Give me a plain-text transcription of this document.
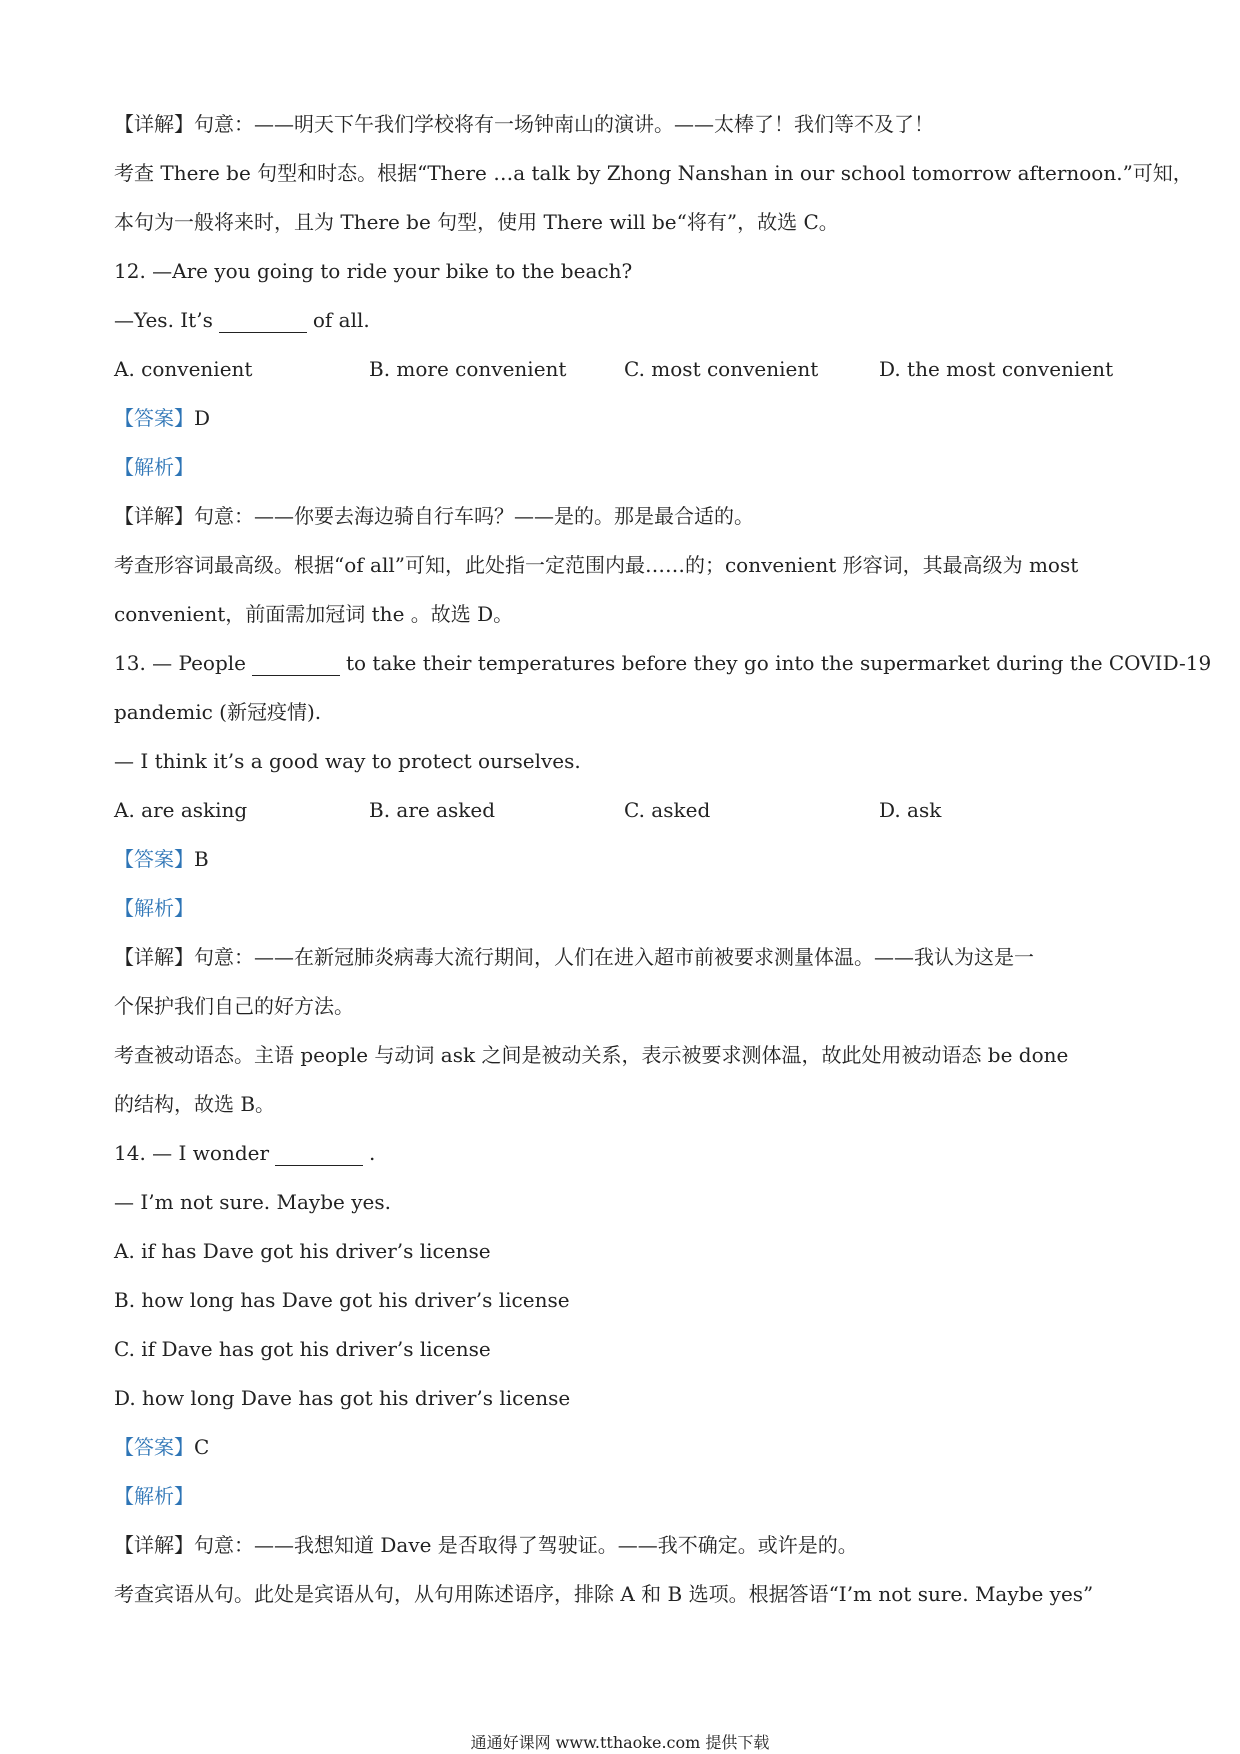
【详解】句意：——明天下午我们学校将有一场钟南山的演讲。——太棒了！我们等不及了！
考查 There be 句型和时态。根据“There …a talk by Zhong Nanshan in our school tomorrow afternoon.”可知，
本句为一般将来时，且为 There be 句型，使用 There will be“将有”，故选 C。
12. —Are you going to ride your bike to the beach?
—Yes. It’s	of all.
A. convenient	B. more convenient	C. most convenient	D. the most convenient
【答案】D
【解析】
【详解】句意：——你要去海边骑自行车吗？——是的。那是最合适的。
考查形容词最高级。根据“of all”可知，此处指一定范围内最……的；convenient 形容词，其最高级为 most
convenient，前面需加冠词 the 。故选 D。
13. — People	to take their temperatures before they go into the supermarket during the COVID-19
pandemic (新冠疫情).
— I think it’s a good way to protect ourselves.
A. are asking	B. are asked	C. asked	D. ask
【答案】B
【解析】
【详解】句意：——在新冠肺炎病毒大流行期间，人们在进入超市前被要求测量体温。——我认为这是一
个保护我们自己的好方法。
考查被动语态。主语 people 与动词 ask 之间是被动关系，表示被要求测体温，故此处用被动语态 be done
的结构，故选 B。
14. — I wonder	.
— I’m not sure. Maybe yes.
A. if has Dave got his driver’s license
B. how long has Dave got his driver’s license
C. if Dave has got his driver’s license
D. how long Dave has got his driver’s license
【答案】C
【解析】
【详解】句意：——我想知道 Dave 是否取得了驾驶证。——我不确定。或许是的。
考查宾语从句。此处是宾语从句，从句用陈述语序，排除 A 和 B 选项。根据答语“I’m not sure. Maybe yes”
通通好课网 www.tthaoke.com 提供下载
